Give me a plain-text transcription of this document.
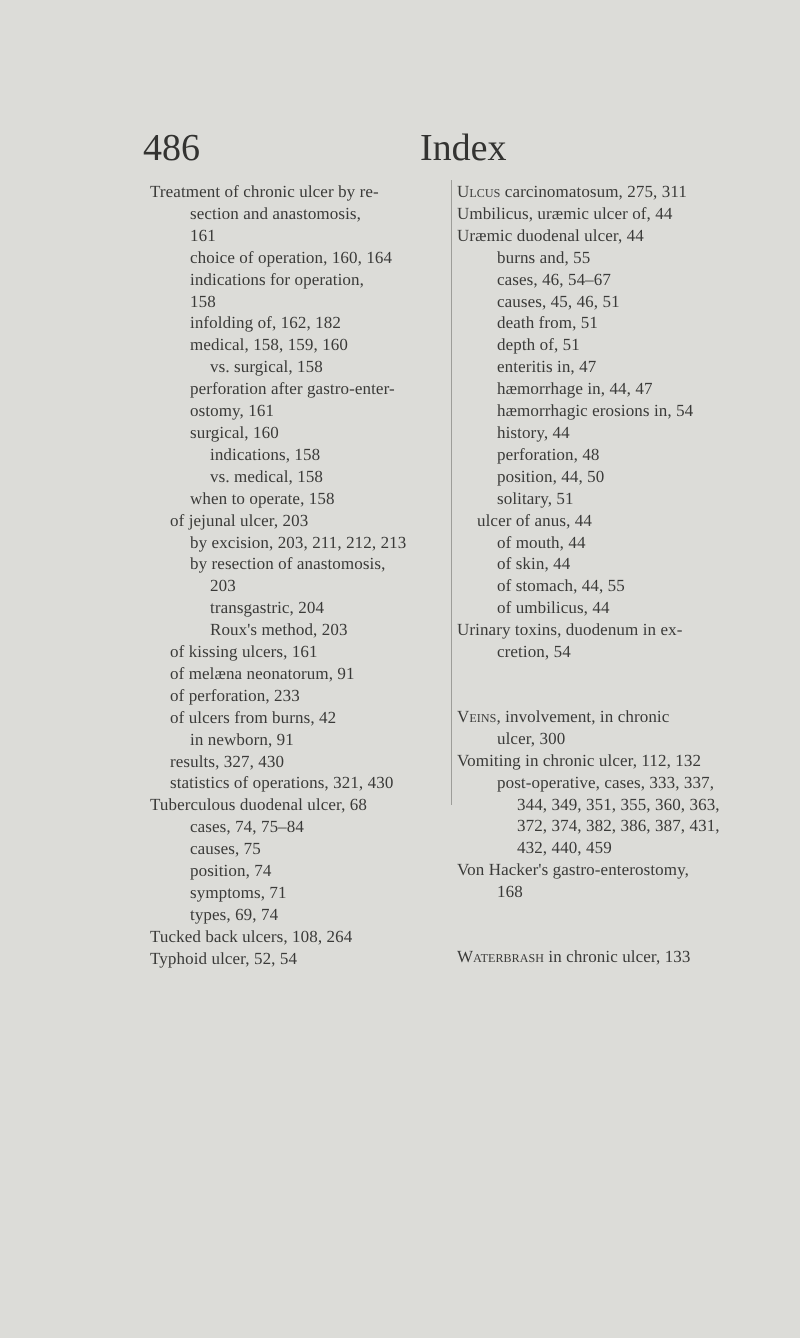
486	Index
Treatment of chronic ulcer by re-
section and anastomosis,
161
choice of operation, 160, 164
indications for operation,
158
infolding of, 162, 182
medical, 158, 159, 160
vs. surgical, 158
perforation after gastro-enter-
ostomy, 161
surgical, 160
indications, 158
vs. medical, 158
when to operate, 158
of jejunal ulcer, 203
by excision, 203, 211, 212, 213
by resection of anastomosis,
203
transgastric, 204
Roux's method, 203
of kissing ulcers, 161
of melæna neonatorum, 91
of perforation, 233
of ulcers from burns, 42
in newborn, 91
results, 327, 430
statistics of operations, 321, 430
Tuberculous duodenal ulcer, 68
cases, 74, 75–84
causes, 75
position, 74
symptoms, 71
types, 69, 74
Tucked back ulcers, 108, 264
Typhoid ulcer, 52, 54
Ulcus carcinomatosum, 275, 311
Umbilicus, uræmic ulcer of, 44
Uræmic duodenal ulcer, 44
burns and, 55
cases, 46, 54–67
causes, 45, 46, 51
death from, 51
depth of, 51
enteritis in, 47
hæmorrhage in, 44, 47
hæmorrhagic erosions in, 54
history, 44
perforation, 48
position, 44, 50
solitary, 51
ulcer of anus, 44
of mouth, 44
of skin, 44
of stomach, 44, 55
of umbilicus, 44
Urinary toxins, duodenum in ex-
cretion, 54
Veins, involvement, in chronic
ulcer, 300
Vomiting in chronic ulcer, 112, 132
post-operative, cases, 333, 337,
344, 349, 351, 355, 360, 363,
372, 374, 382, 386, 387, 431,
432, 440, 459
Von Hacker's gastro-enterostomy,
168
Waterbrash in chronic ulcer, 133
